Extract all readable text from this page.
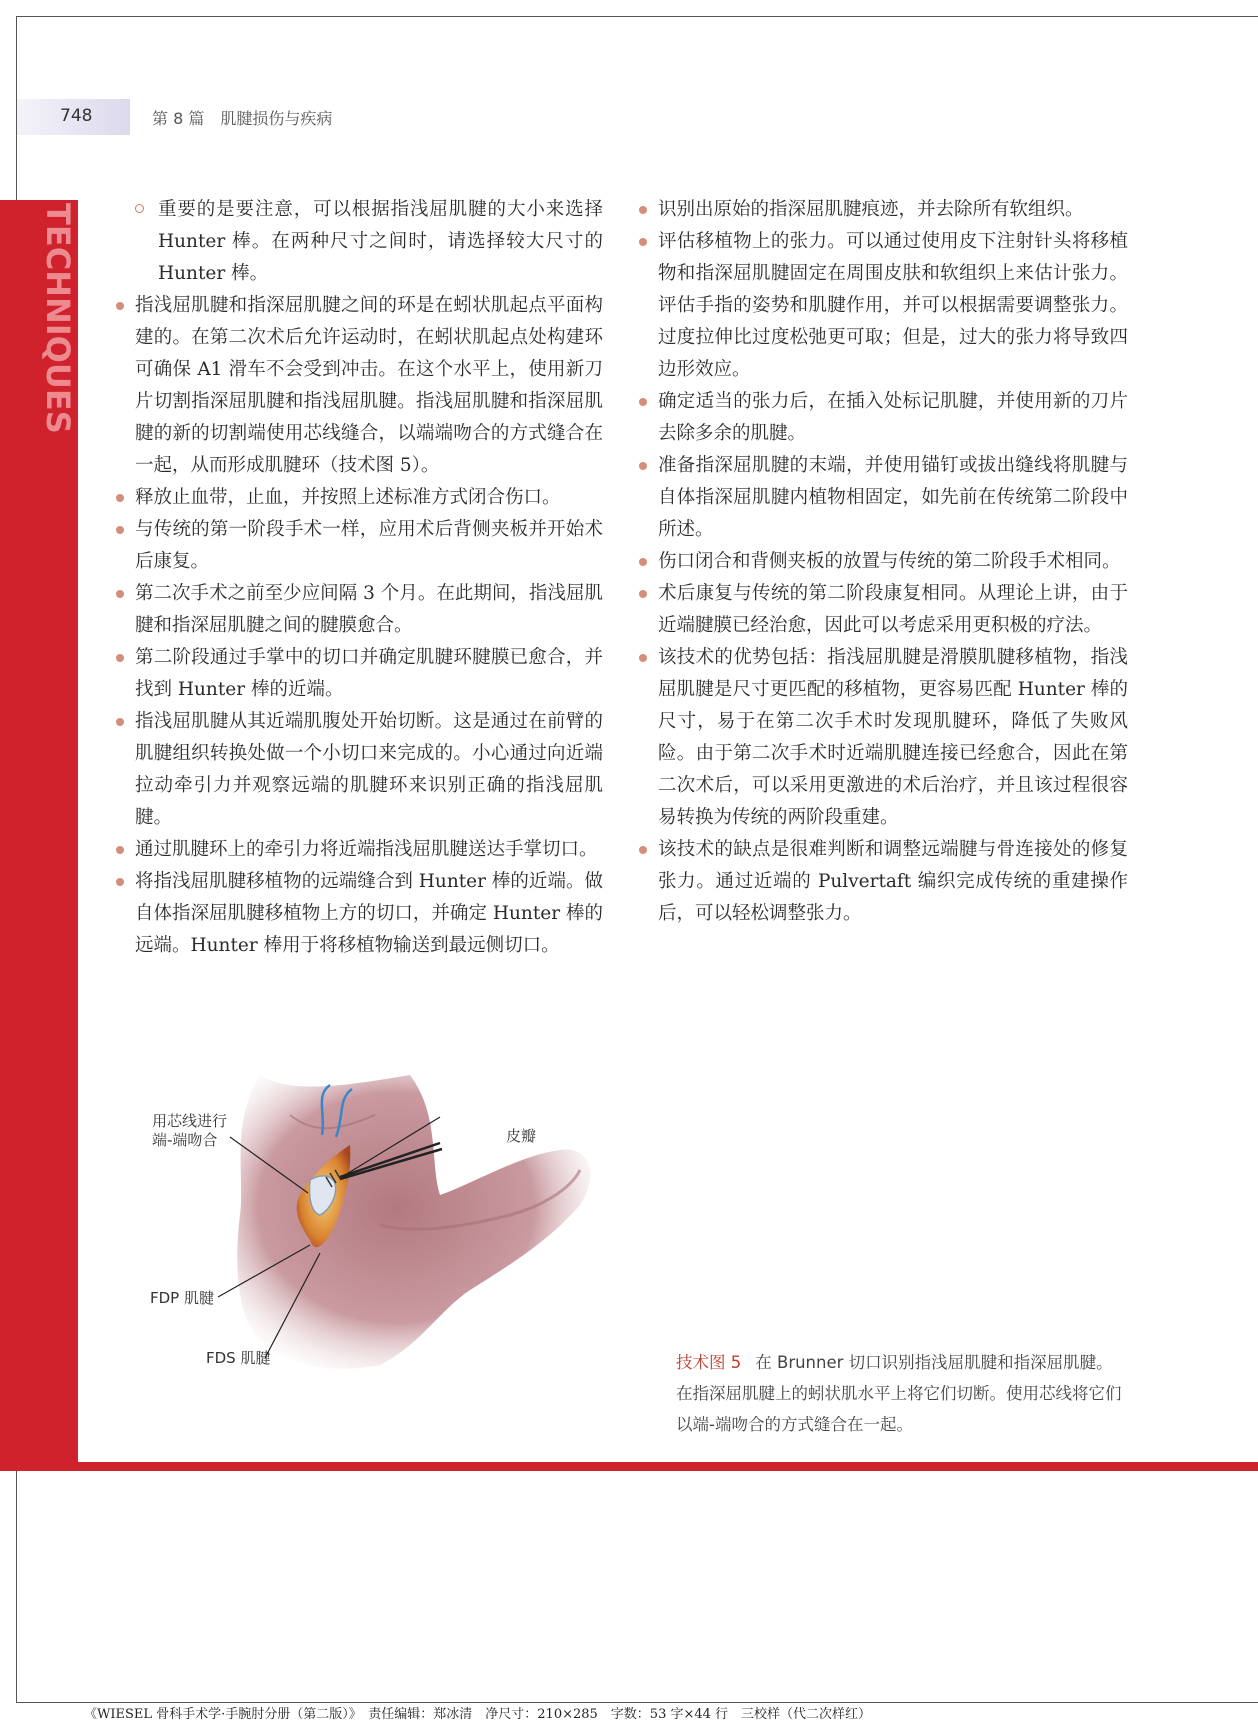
748	第 8 篇　肌腱损伤与疾病
TECHNIQUES	重要的是要注意，可以根据指浅屈肌腱的大小来选择 Hunter 棒。在两种尺寸之间时，请选择较大尺寸的 Hunter 棒。

指浅屈肌腱和指深屈肌腱之间的环是在蚓状肌起点平面构建的。在第二次术后允许运动时，在蚓状肌起点处构建环可确保 A1 滑车不会受到冲击。在这个水平上，使用新刀片切割指深屈肌腱和指浅屈肌腱。指浅屈肌腱和指深屈肌腱的新的切割端使用芯线缝合，以端端吻合的方式缝合在一起，从而形成肌腱环（技术图 5）。

释放止血带，止血，并按照上述标准方式闭合伤口。

与传统的第一阶段手术一样，应用术后背侧夹板并开始术后康复。

第二次手术之前至少应间隔 3 个月。在此期间，指浅屈肌腱和指深屈肌腱之间的腱膜愈合。

第二阶段通过手掌中的切口并确定肌腱环腱膜已愈合，并找到 Hunter 棒的近端。

指浅屈肌腱从其近端肌腹处开始切断。这是通过在前臂的肌腱组织转换处做一个小切口来完成的。小心通过向近端拉动牵引力并观察远端的肌腱环来识别正确的指浅屈肌腱。

通过肌腱环上的牵引力将近端指浅屈肌腱送达手掌切口。

将指浅屈肌腱移植物的远端缝合到 Hunter 棒的近端。做自体指深屈肌腱移植物上方的切口，并确定 Hunter 棒的远端。Hunter 棒用于将移植物输送到最远侧切口。

识别出原始的指深屈肌腱痕迹，并去除所有软组织。

评估移植物上的张力。可以通过使用皮下注射针头将移植物和指深屈肌腱固定在周围皮肤和软组织上来估计张力。评估手指的姿势和肌腱作用，并可以根据需要调整张力。过度拉伸比过度松弛更可取；但是，过大的张力将导致四边形效应。

确定适当的张力后，在插入处标记肌腱，并使用新的刀片去除多余的肌腱。

准备指深屈肌腱的末端，并使用锚钉或拔出缝线将肌腱与自体指深屈肌腱内植物相固定，如先前在传统第二阶段中所述。

伤口闭合和背侧夹板的放置与传统的第二阶段手术相同。

术后康复与传统的第二阶段康复相同。从理论上讲，由于近端腱膜已经治愈，因此可以考虑采用更积极的疗法。

该技术的优势包括：指浅屈肌腱是滑膜肌腱移植物，指浅屈肌腱是尺寸更匹配的移植物，更容易匹配 Hunter 棒的尺寸，易于在第二次手术时发现肌腱环，降低了失败风险。由于第二次手术时近端肌腱连接已经愈合，因此在第二次术后，可以采用更激进的术后治疗，并且该过程很容易转换为传统的两阶段重建。

该技术的缺点是很难判断和调整远端腱与骨连接处的修复张力。通过近端的 Pulvertaft 编织完成传统的重建操作后，可以轻松调整张力。

用芯线进行
端-端吻合	皮瓣
FDP 肌腱
FDS 肌腱	技术图 5 在 Brunner 切口识别指浅屈肌腱和指深屈肌腱。在指深屈肌腱上的蚓状肌水平上将它们切断。使用芯线将它们以端-端吻合的方式缝合在一起。
《WIESEL 骨科手术学·手腕肘分册（第二版）》　责任编辑：郑冰清　净尺寸：210×285　字数：53 字×44 行　三校样（代二次样红）
